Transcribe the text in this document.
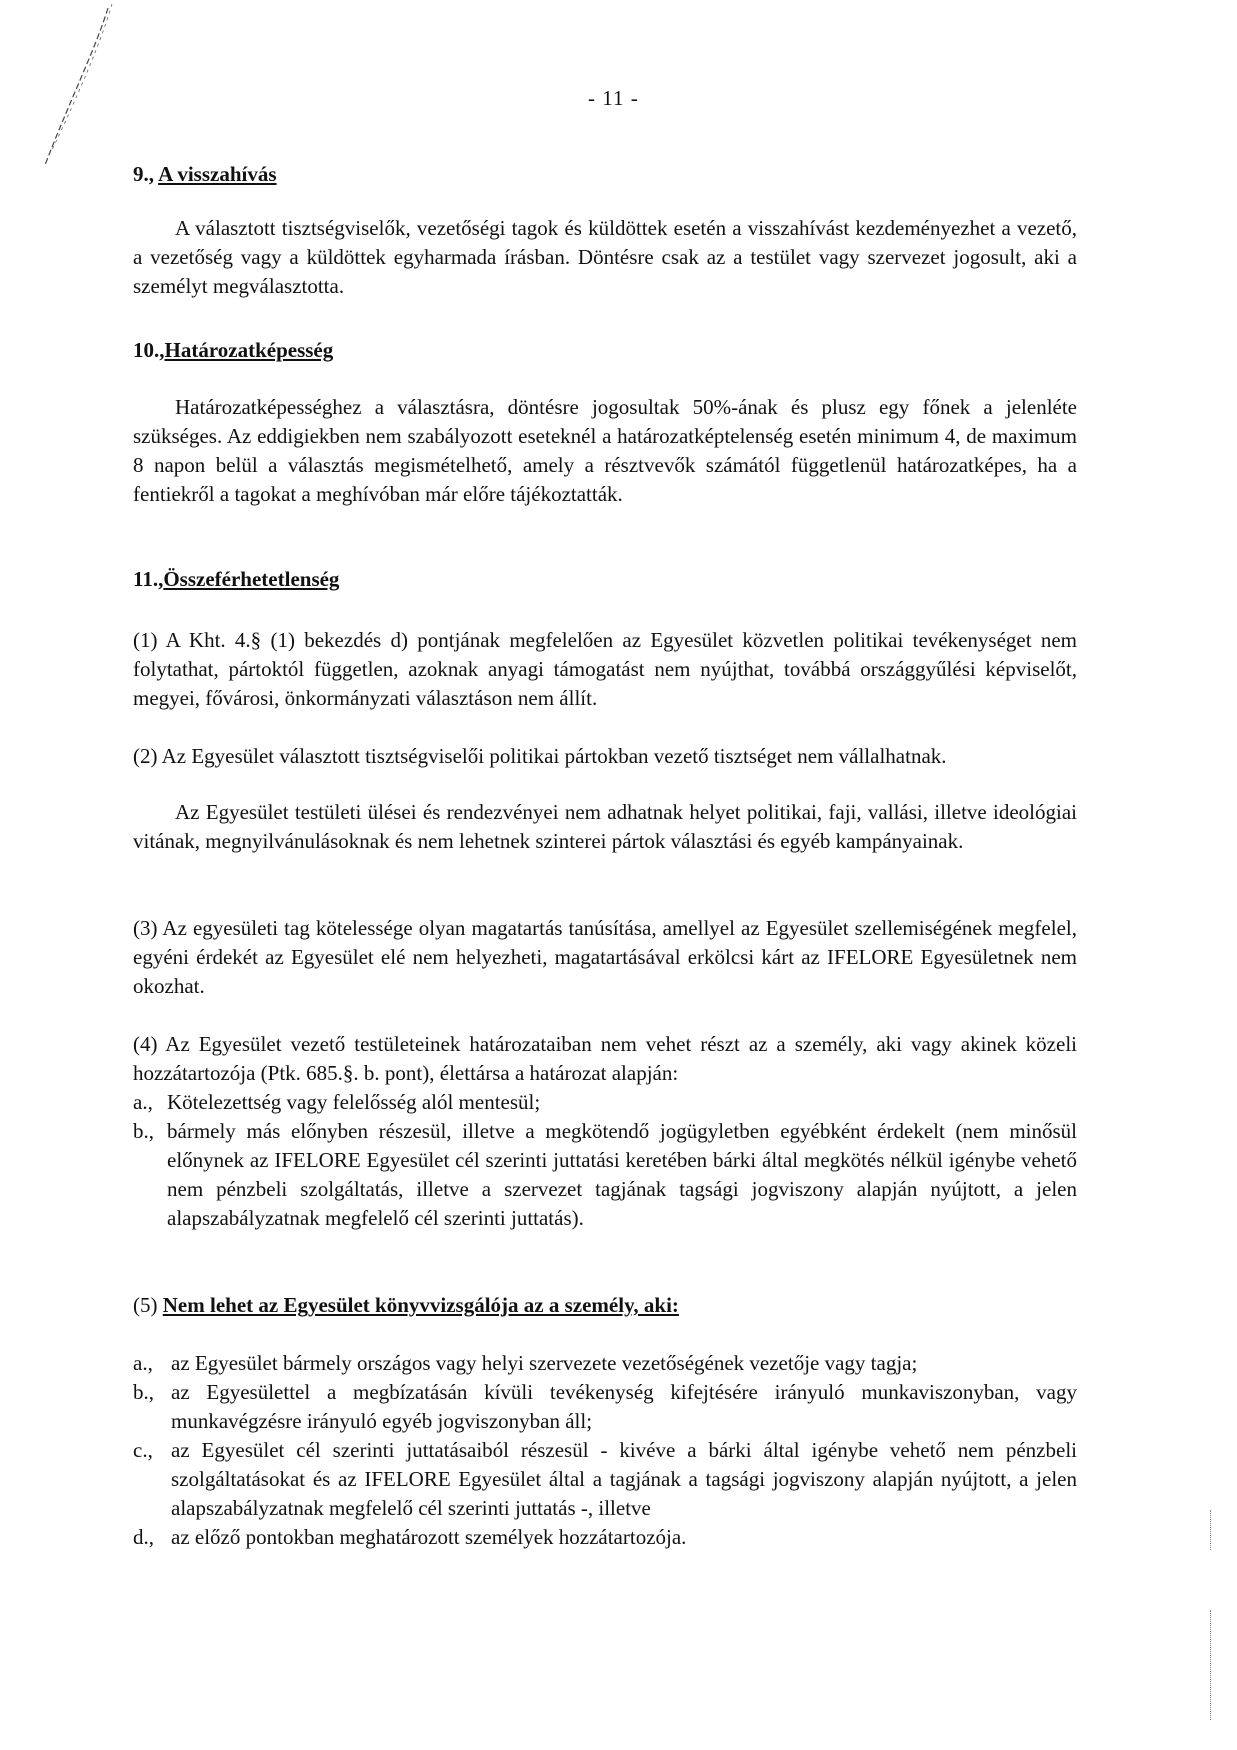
- 11 -
9., A visszahívás
A választott tisztségviselők, vezetőségi tagok és küldöttek esetén a visszahívást kezdeményezhet a vezető, a vezetőség vagy a küldöttek egyharmada írásban. Döntésre csak az a testület vagy szervezet jogosult, aki a személyt megválasztotta.
10.,Határozatképesség
Határozatképességhez a választásra, döntésre jogosultak 50%-ának és plusz egy főnek a jelenléte szükséges. Az eddigiekben nem szabályozott eseteknél a határozatképtelenség esetén minimum 4, de maximum 8 napon belül a választás megismételhető, amely a résztvevők számától függetlenül határozatképes, ha a fentiekről a tagokat a meghívóban már előre tájékoztatták.
11.,Összeférhetetlenség
(1) A Kht. 4.§ (1) bekezdés d) pontjának megfelelően az Egyesület közvetlen politikai tevékenységet nem folytathat, pártoktól független, azoknak anyagi támogatást nem nyújthat, továbbá országgyűlési képviselőt, megyei, fővárosi, önkormányzati választáson nem állít.
(2) Az Egyesület választott tisztségviselői politikai pártokban vezető tisztséget nem vállalhatnak.
Az Egyesület testületi ülései és rendezvényei nem adhatnak helyet politikai, faji, vallási, illetve ideológiai vitának, megnyilvánulásoknak és nem lehetnek szinterei pártok választási és egyéb kampányainak.
(3) Az egyesületi tag kötelessége olyan magatartás tanúsítása, amellyel az Egyesület szellemiségének megfelel, egyéni érdekét az Egyesület elé nem helyezheti, magatartásával erkölcsi kárt az IFELORE Egyesületnek nem okozhat.
(4) Az Egyesület vezető testületeinek határozataiban nem vehet részt az a személy, aki vagy akinek közeli hozzátartozója (Ptk. 685.§. b. pont), élettársa a határozat alapján:
a., Kötelezettség vagy felelősség alól mentesül;
b., bármely más előnyben részesül, illetve a megkötendő jogügyletben egyébként érdekelt (nem minősül előnynek az IFELORE Egyesület cél szerinti juttatási keretében bárki által megkötés nélkül igénybe vehető nem pénzbeli szolgáltatás, illetve a szervezet tagjának tagsági jogviszony alapján nyújtott, a jelen alapszabályzatnak megfelelő cél szerinti juttatás).
(5) Nem lehet az Egyesület könyvvizsgálója az a személy, aki:
a., az Egyesület bármely országos vagy helyi szervezete vezetőségének vezetője vagy tagja;
b., az Egyesülettel a megbízatásán kívüli tevékenység kifejtésére irányuló munkaviszonyban, vagy munkavégzésre irányuló egyéb jogviszonyban áll;
c., az Egyesület cél szerinti juttatásaiból részesül - kivéve a bárki által igénybe vehető nem pénzbeli szolgáltatásokat és az IFELORE Egyesület által a tagjának a tagsági jogviszony alapján nyújtott, a jelen alapszabályzatnak megfelelő cél szerinti juttatás -, illetve
d., az előző pontokban meghatározott személyek hozzátartozója.
